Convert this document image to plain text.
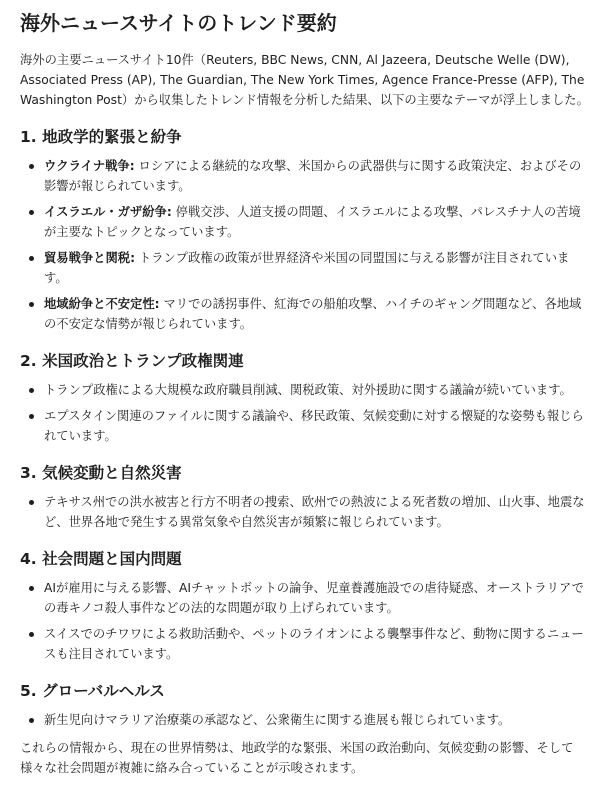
海外ニュースサイトのトレンド要約

海外の主要ニュースサイト10件（Reuters, BBC News, CNN, Al Jazeera, Deutsche Welle (DW), Associated Press (AP), The Guardian, The New York Times, Agence France-Presse (AFP), The Washington Post）から収集したトレンド情報を分析した結果、以下の主要なテーマが浮上しました。

1. 地政学的緊張と紛争
ウクライナ戦争: ロシアによる継続的な攻撃、米国からの武器供与に関する政策決定、およびその影響が報じられています。
イスラエル・ガザ紛争: 停戦交渉、人道支援の問題、イスラエルによる攻撃、パレスチナ人の苦境が主要なトピックとなっています。
貿易戦争と関税: トランプ政権の政策が世界経済や米国の同盟国に与える影響が注目されています。
地域紛争と不安定性: マリでの誘拐事件、紅海での船舶攻撃、ハイチのギャング問題など、各地域の不安定な情勢が報じられています。
2. 米国政治とトランプ政権関連
トランプ政権による大規模な政府職員削減、関税政策、対外援助に関する議論が続いています。
エプスタイン関連のファイルに関する議論や、移民政策、気候変動に対する懐疑的な姿勢も報じられています。
3. 気候変動と自然災害
テキサス州での洪水被害と行方不明者の捜索、欧州での熱波による死者数の増加、山火事、地震など、世界各地で発生する異常気象や自然災害が頻繁に報じられています。
4. 社会問題と国内問題
AIが雇用に与える影響、AIチャットボットの論争、児童養護施設での虐待疑惑、オーストラリアでの毒キノコ殺人事件などの法的な問題が取り上げられています。
スイスでのチワワによる救助活動や、ペットのライオンによる襲撃事件など、動物に関するニュースも注目されています。
5. グローバルヘルス
新生児向けマラリア治療薬の承認など、公衆衛生に関する進展も報じられています。

これらの情報から、現在の世界情勢は、地政学的な緊張、米国の政治動向、気候変動の影響、そして様々な社会問題が複雑に絡み合っていることが示唆されます。
